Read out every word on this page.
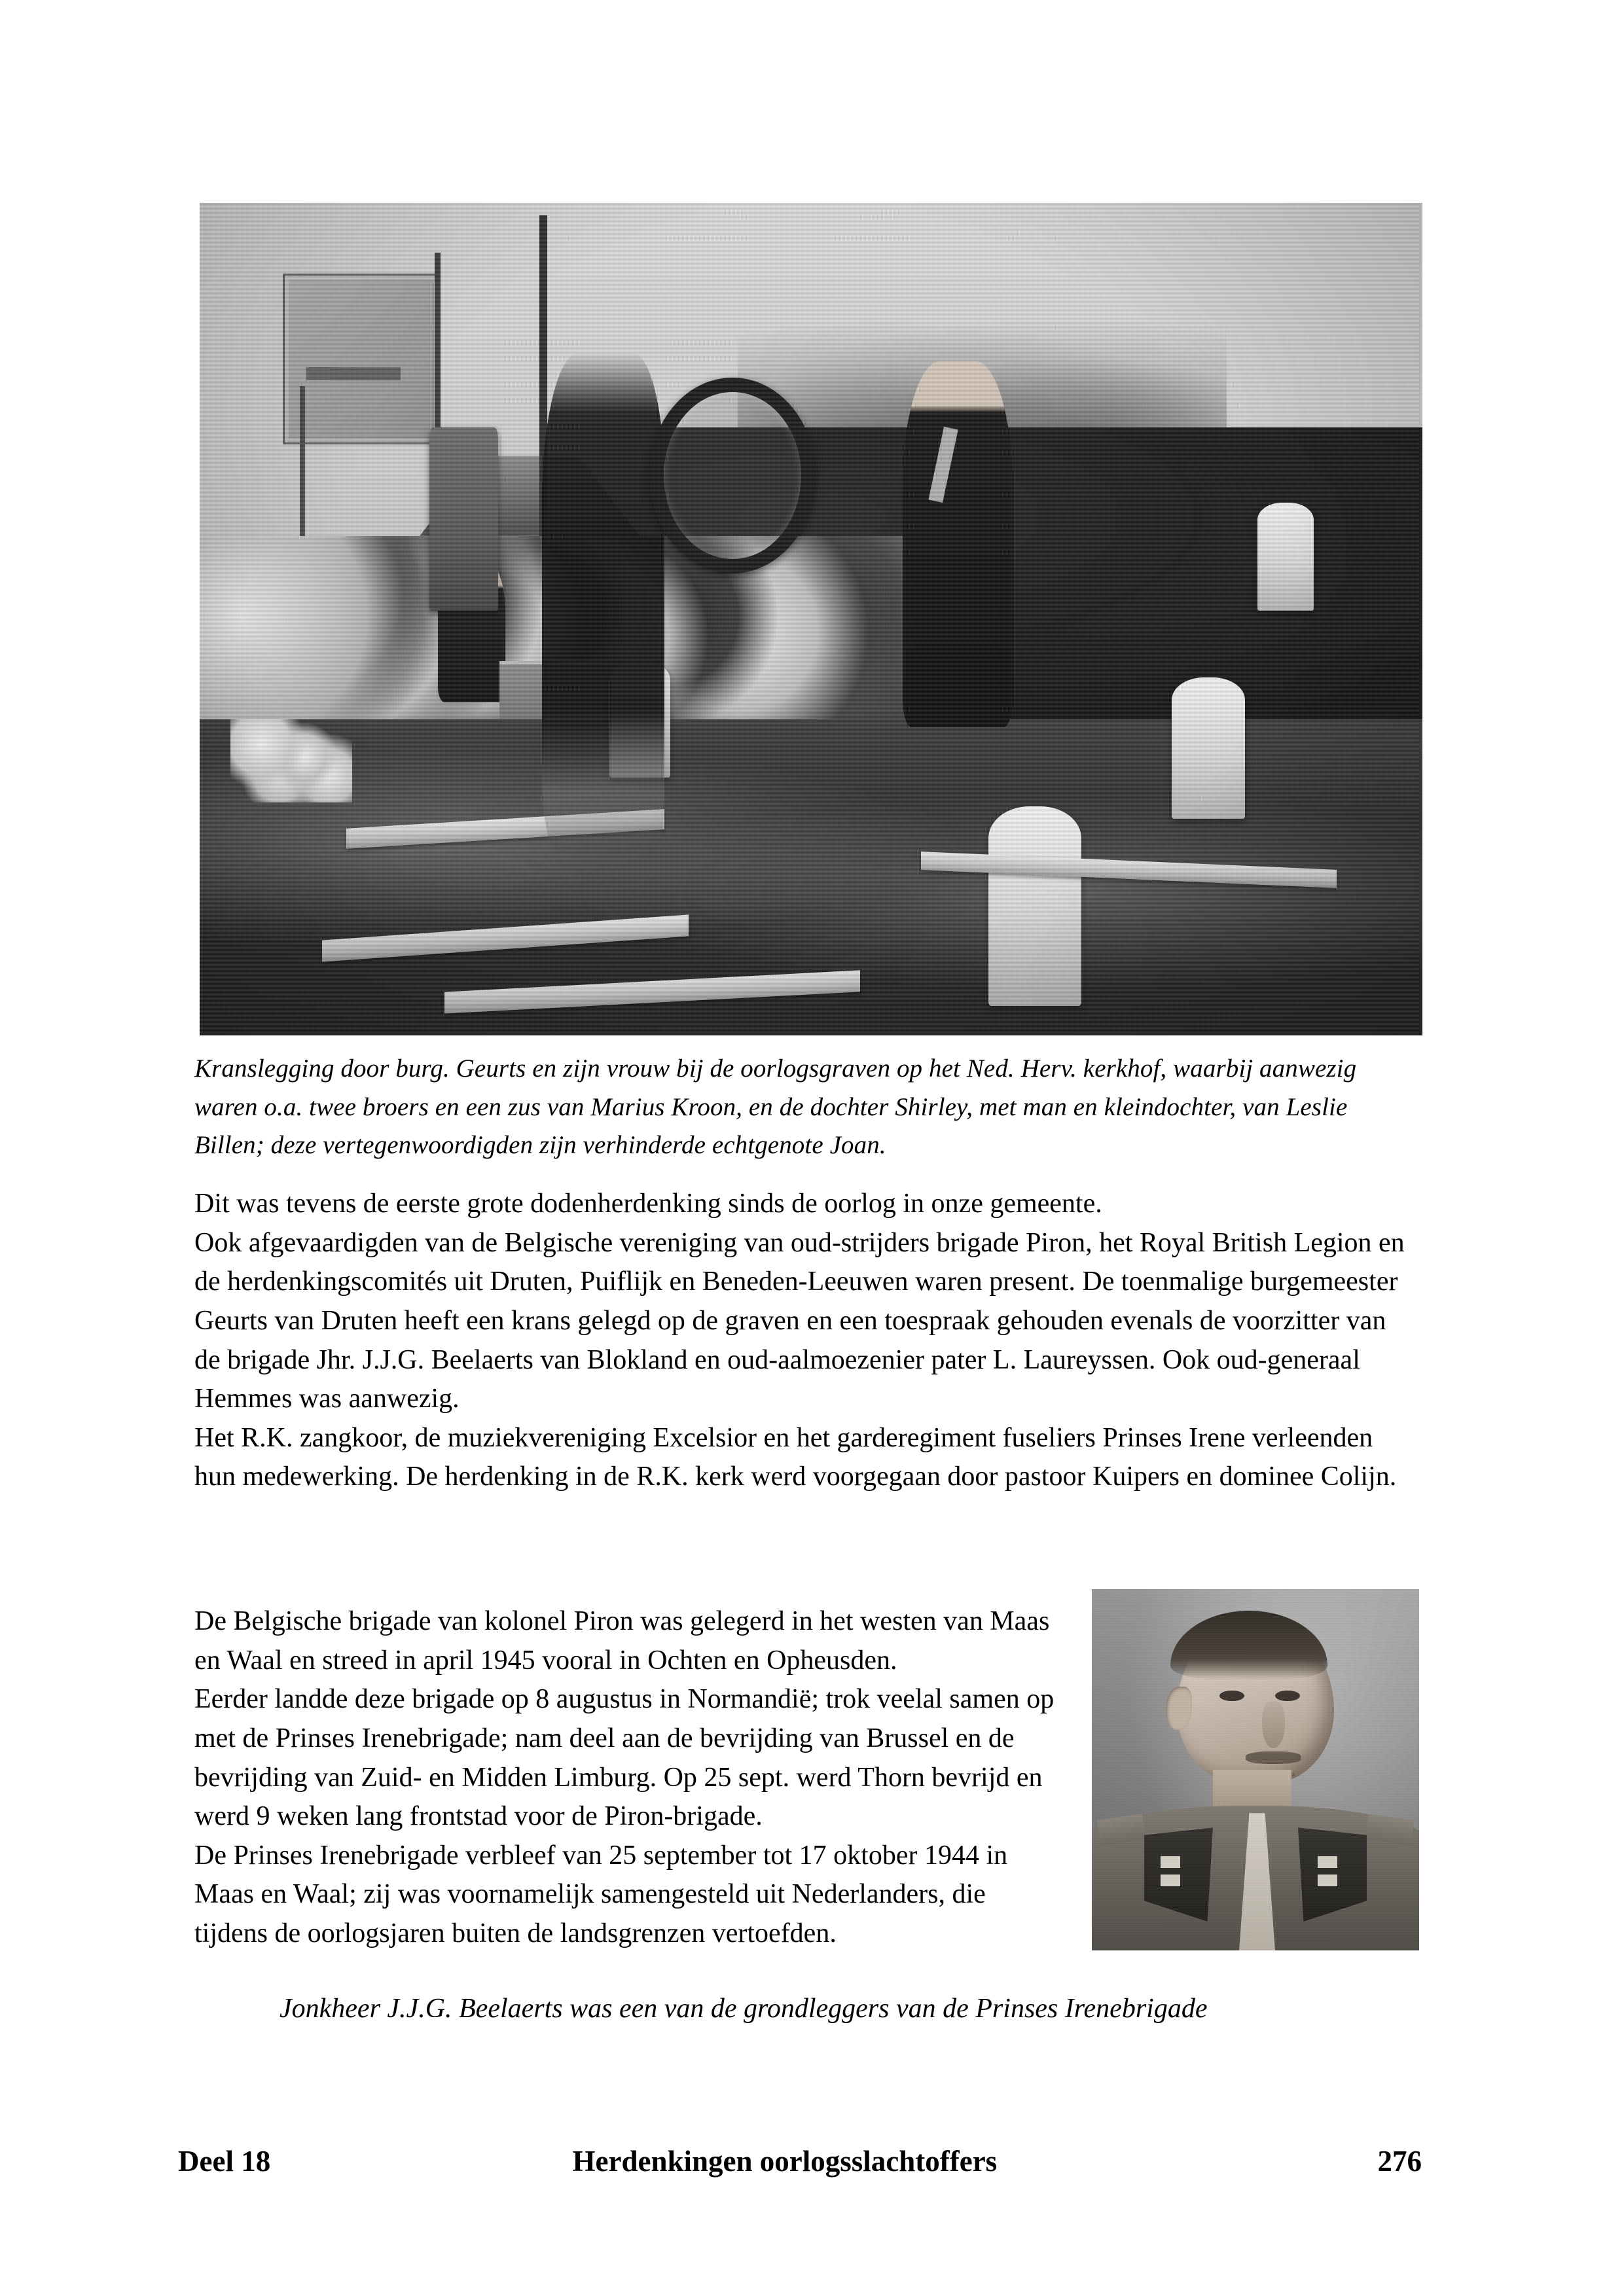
Kranslegging door burg. Geurts en zijn vrouw bij de oorlogsgraven op het Ned. Herv. kerkhof, waarbij aanwezig waren o.a. twee broers en een zus van Marius Kroon, en de dochter Shirley, met man en kleindochter, van Leslie Billen; deze vertegenwoordigden zijn verhinderde echtgenote Joan.

Dit was tevens de eerste grote dodenherdenking sinds de oorlog in onze gemeente.
Ook afgevaardigden van de Belgische vereniging van oud-strijders brigade Piron, het Royal British Legion en de herdenkingscomités uit Druten, Puiflijk en Beneden-Leeuwen waren present. De toenmalige burgemeester Geurts van Druten heeft een krans gelegd op de graven en een toespraak gehouden evenals de voorzitter van de brigade Jhr. J.J.G. Beelaerts van Blokland en oud-aalmoezenier pater L. Laureyssen. Ook oud-generaal Hemmes was aanwezig.
Het R.K. zangkoor, de muziekvereniging Excelsior en het garderegiment fuseliers Prinses Irene verleenden hun medewerking. De herdenking in de R.K. kerk werd voorgegaan door pastoor Kuipers en dominee Colijn.

De Belgische brigade van kolonel Piron was gelegerd in het westen van Maas en Waal en streed in april 1945 vooral in Ochten en Opheusden.
Eerder landde deze brigade op 8 augustus in Normandië; trok veelal samen op met de Prinses Irenebrigade; nam deel aan de bevrijding van Brussel en de bevrijding van Zuid- en Midden Limburg. Op 25 sept. werd Thorn bevrijd en werd 9 weken lang frontstad voor de Piron-brigade.
De Prinses Irenebrigade verbleef van 25 september tot 17 oktober 1944 in Maas en Waal; zij was voornamelijk samengesteld uit Nederlanders, die tijdens de oorlogsjaren buiten de landsgrenzen vertoefden.

Jonkheer J.J.G. Beelaerts was een van de grondleggers van de Prinses Irenebrigade
Deel 18	Herdenkingen oorlogsslachtoffers	276
